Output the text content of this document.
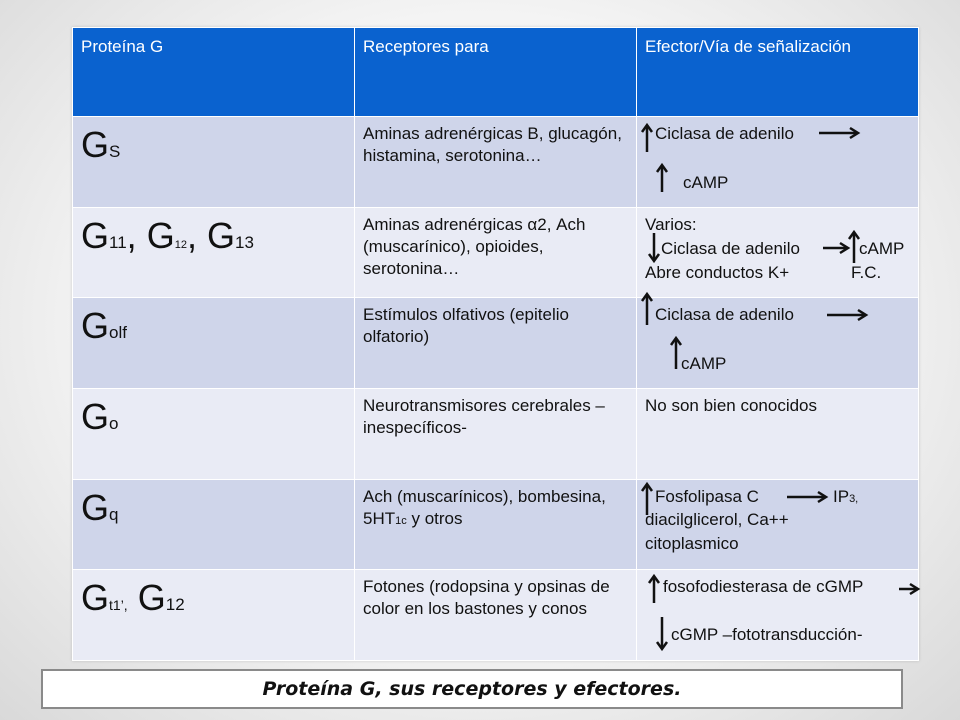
Proteína G	Receptores para	Efector/Vía de señalización
GS	Aminas adrenérgicas B, glucagón, histamina, serotonina…	Ciclasa de adenilo
cAMP

G11, G12, G13	Aminas adrenérgicas α2, Ach (muscarínico), opioides, serotonina…	Varios:
Ciclasa de adenilo cAMP
Abre conductos K+ F.C.

Golf	Estímulos olfativos (epitelio olfatorio)	Ciclasa de adenilo
cAMP

Go	Neurotransmisores cerebrales –inespecíficos-	No son bien conocidos

Gq	Ach (muscarínicos), bombesina, 5HT1c y otros	Fosfolipasa C IP3,
diacilglicerol, Ca++
citoplasmico

Gt1’, G12	Fotones (rodopsina y opsinas de color en los bastones y conos	fosofodiesterasa de cGMP
cGMP –fototransducción-
Proteína G, sus receptores y efectores.
